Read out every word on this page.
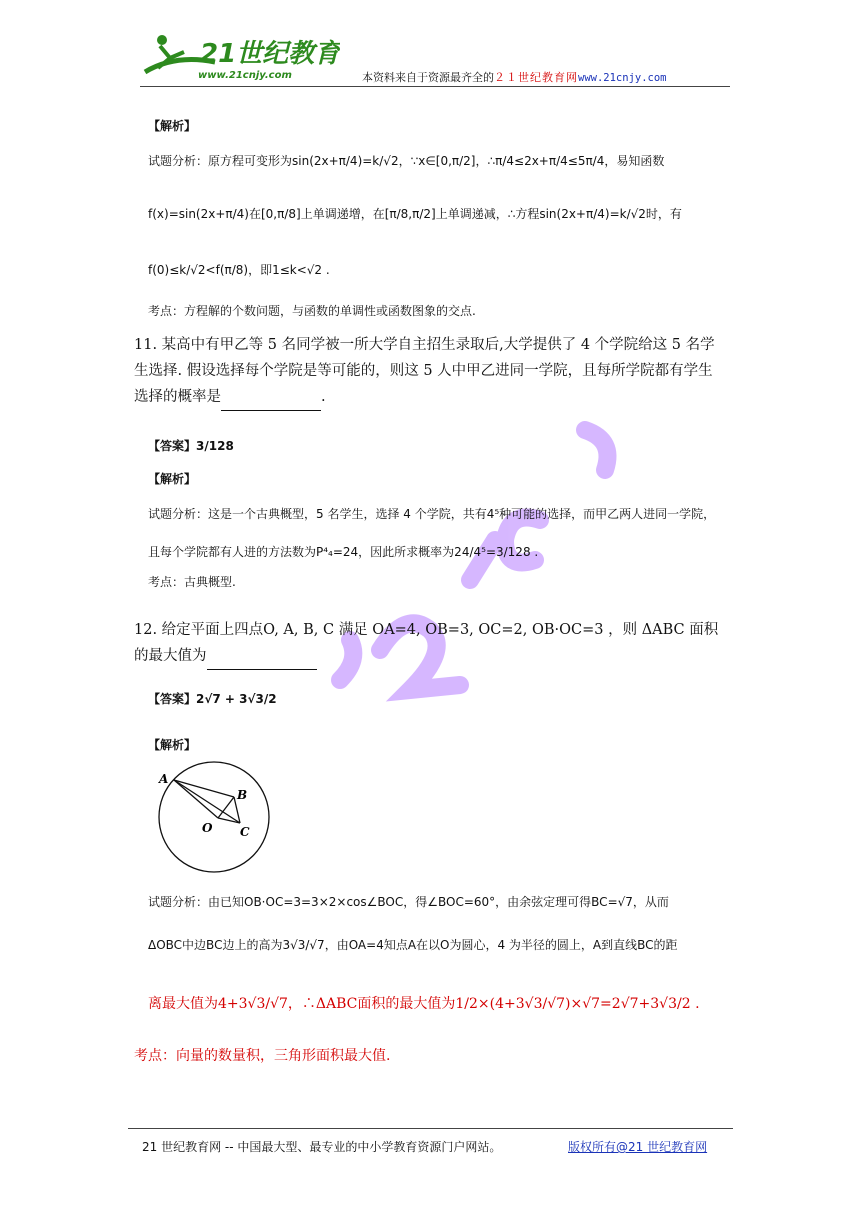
21世纪教育
www.21cnjy.com	本资料来自于资源最齐全的２１世纪教育网www.21cnjy.com
【解析】
试题分析：原方程可变形为sin(2x+π/4)=k/√2，∵x∈[0,π/2]，∴π/4≤2x+π/4≤5π/4，易知函数
f(x)=sin(2x+π/4)在[0,π/8]上单调递增，在[π/8,π/2]上单调递减，∴方程sin(2x+π/4)=k/√2时，有
f(0)≤k/√2<f(π/8)，即1≤k<√2 .
考点：方程解的个数问题，与函数的单调性或函数图象的交点.
11. 某高中有甲乙等 5 名同学被一所大学自主招生录取后,大学提供了 4 个学院给这 5 名学生选择. 假设选择每个学院是等可能的，则这 5 人中甲乙进同一学院，且每所学院都有学生选择的概率是	.
【答案】3/128
【解析】
试题分析：这是一个古典概型，5 名学生，选择 4 个学院，共有4⁵种可能的选择，而甲乙两人进同一学院，
且每个学院都有人进的方法数为P⁴₄=24，因此所求概率为24/4⁵=3/128 .
考点：古典概型.
12. 给定平面上四点O, A, B, C 满足 OA=4, OB=3, OC=2, OB·OC=3 ，则 ΔABC 面积的最大值为
【答案】2√7 + 3√3/2
【解析】
A
B
O C
试题分析：由已知OB·OC=3=3×2×cos∠BOC，得∠BOC=60°，由余弦定理可得BC=√7，从而
ΔOBC中边BC边上的高为3√3/√7，由OA=4知点A在以O为圆心，4 为半径的圆上，A到直线BC的距
离最大值为4+3√3/√7，∴ΔABC面积的最大值为1/2×(4+3√3/√7)×√7=2√7+3√3/2 .
考点：向量的数量积，三角形面积最大值.
21 世纪教育网 -- 中国最大型、最专业的中小学教育资源门户网站。	版权所有@21 世纪教育网
